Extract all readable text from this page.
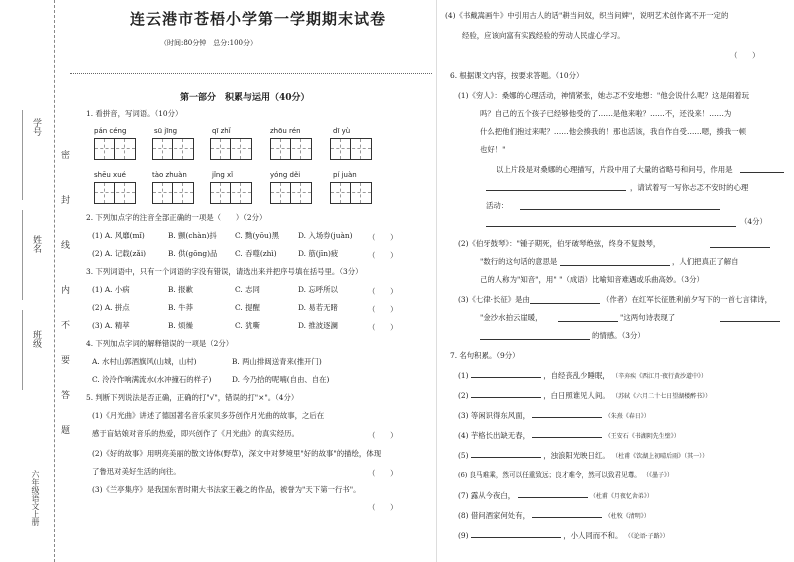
学号
姓名
班级
六年级语文上册
密
封
线
内
不
要
答
题
连云港市苍梧小学第一学期期末试卷
（时间:80分钟　总分:100分）
第一部分　积累与运用（40分）
1. 看拼音，写词语。（10分）
pán céng	sū jīng	qī zhǐ	zhōu rén	dī yù
shēu xué	tào zhuàn	jǐng xǐ	yóng děi	pí juàn
2. 下列加点字的注音全部正确的一项是（　　）（2分）
(1) A. 风靡(mǐ)	B. 颤(chàn)抖 C. 黝(yōu)黑	D. 入场券(juàn) （　　）
(2) A. 记载(zǎi)	B. 供(gōng)品 C. 吞噬(zhì)	D. 筋(jīn)疲	（　　）
3. 下列词语中，只有一个词语的字没有错误，请选出来并把序号填在括号里。（3分）
(1) A. 小病	B. 报歉	C. 志同	D. 忘呼所以	（　　）
(2) A. 拼点	B. 牛莽	C. 提醒	D. 易若无睹	（　　）
(3) A. 精萃	B. 烦燥	C. 犹嘶	D. 推波逐澜	（　　）
4. 下列加点字词的解释错误的一项是（2分）
A. 水村山郭酒旗风(山城，山村)	B. 两山排闼送青来(推开门)
C. 泠泠作响满流水(水冲撞石的样子)	D. 今乃拾的呢喃(自由、自在)
5. 判断下列说法是否正确，正确的打"√"，错误的打"×"。（4分）
(1)《月光曲》讲述了德国著名音乐家贝多芬创作月光曲的故事，之后在
感于盲姑娘对音乐的热爱，即兴创作了《月光曲》的真实经历。	（　　）
(2)《好的故事》用明亮美丽的散文诗体(野草)，深文中对梦境里"好的故事"的描绘，体现
了鲁迅对美好生活的向往。	（　　）
(3)《兰亭集序》是我国东晋时期大书法家王羲之的作品，被誉为"天下第一行书"。
（　　）
(4)《书戴嵩画牛》中引用古人的话"耕当问奴，织当问婢"，说明艺术创作离不开一定的
经验，应该向富有实践经验的劳动人民虚心学习。
（　　）
6. 根据课文内容，按要求答题。（10分）
(1)《穷人》：桑娜的心理活动，神情紧张，她忐忑不安地想："他会说什么呢？这是闹着玩
吗？自己的五个孩子已经够他受的了……是他来啦？……不，还没来！……为
什么把他们抱过来呢？……他会揍我的！那也活该，我自作自受……嗯，揍我一顿
也好！"
以上片段是对桑娜的心理描写，片段中用了大量的省略号和问号，作用是
，请试着写一写你忐忑不安时的心理
活动：
（4分）
(2)《伯牙鼓琴》："锺子期死，伯牙破琴绝弦，终身不复鼓琴，
"数行的这句话的意思是	，人们把真正了解自
己的人称为"知音"，用" "（成语）比喻知音难遇或乐曲高妙。（3分）
(3)《七律·长征》是由	（作者）在红军长征胜利前夕写下的一首七言律诗，
"金沙水拍云崖暖，	"这两句诗表现了
的情感。（3分）
7. 名句积累。（9分）
(1)	，自经丧乱少睡眠， （辛弃疾《西江月·夜行黄沙道中》）
(2)	，白日照谁见人间。 （苏轼《六月二十七日望湖楼醉书》）
(3) 等闲识得东风面，	（朱熹《春日》）
(4) 芋格长出缺无春，	（王安石《书湖阴先生壁》）
(5)	，浊浪阳光映日红。 （杜甫《饮湖上初晴后雨》（其一））
(6) 良马难乘，然可以任重致远；良才难令，然可以致君见尊。 （《墨子》）
(7) 露从今夜白，	（杜甫《月夜忆舍弟》）
(8) 借问酒家何处有，	（杜牧《清明》）
(9)	，小人同而不和。 （《论语·子路》）
